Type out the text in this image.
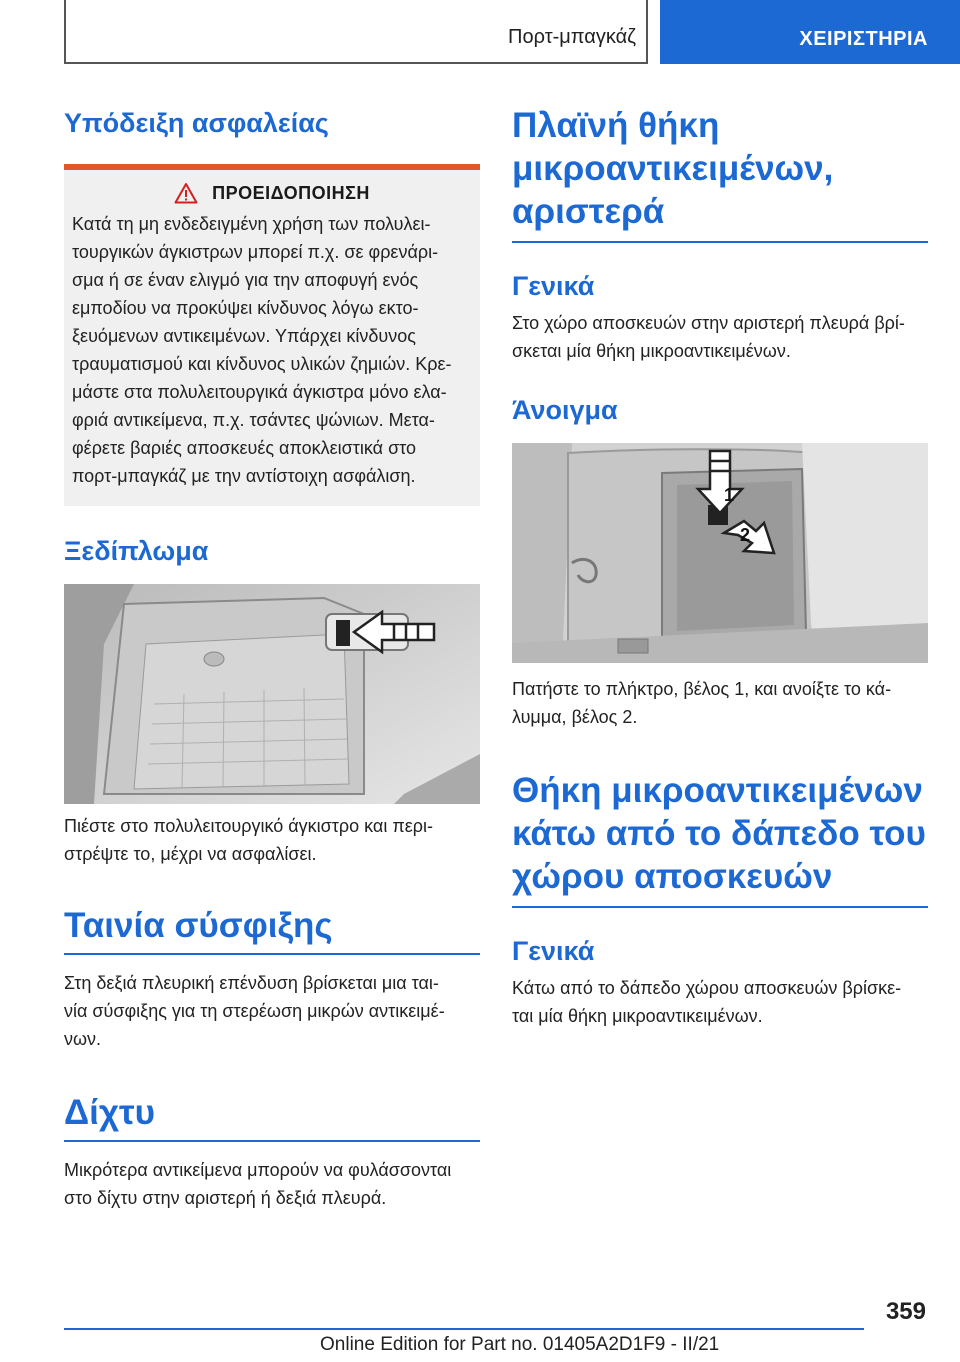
Πορτ-μπαγκάζ	ΧΕΙΡΙΣΤΗΡΙΑ
Υπόδειξη ασφαλείας
ΠΡΟΕΙΔΟΠΟΙΗΣΗ
Κατά τη μη ενδεδειγμένη χρήση των πολυλει-
τουργικών άγκιστρων μπορεί π.χ. σε φρενάρι-
σμα ή σε έναν ελιγμό για την αποφυγή ενός
εμποδίου να προκύψει κίνδυνος λόγω εκτο-
ξευόμενων αντικειμένων. Υπάρχει κίνδυνος
τραυματισμού και κίνδυνος υλικών ζημιών. Κρε-
μάστε στα πολυλειτουργικά άγκιστρα μόνο ελα-
φριά αντικείμενα, π.χ. τσάντες ψώνιων. Μετα-
φέρετε βαριές αποσκευές αποκλειστικά στο
πορτ-μπαγκάζ με την αντίστοιχη ασφάλιση.
Ξεδίπλωμα

Πιέστε στο πολυλειτουργικό άγκιστρο και περι-
στρέψτε το, μέχρι να ασφαλίσει.

Ταινία σύσφιξης

Στη δεξιά πλευρική επένδυση βρίσκεται μια ται-
νία σύσφιξης για τη στερέωση μικρών αντικειμέ-
νων.

Δίχτυ

Μικρότερα αντικείμενα μπορούν να φυλάσσονται
στο δίχτυ στην αριστερή ή δεξιά πλευρά.

Πλαϊνή θήκη
μικροαντικειμένων,
αριστερά
Γενικά

Στο χώρο αποσκευών στην αριστερή πλευρά βρί-
σκεται μία θήκη μικροαντικειμένων.

Άνοιγμα
1
2

Πατήστε το πλήκτρο, βέλος 1, και ανοίξτε το κά-
λυμμα, βέλος 2.

Θήκη μικροαντικειμένων
κάτω από το δάπεδο του
χώρου αποσκευών
Γενικά

Κάτω από το δάπεδο χώρου αποσκευών βρίσκε-
ται μία θήκη μικροαντικειμένων.

359
Online Edition for Part no. 01405A2D1F9 - II/21
